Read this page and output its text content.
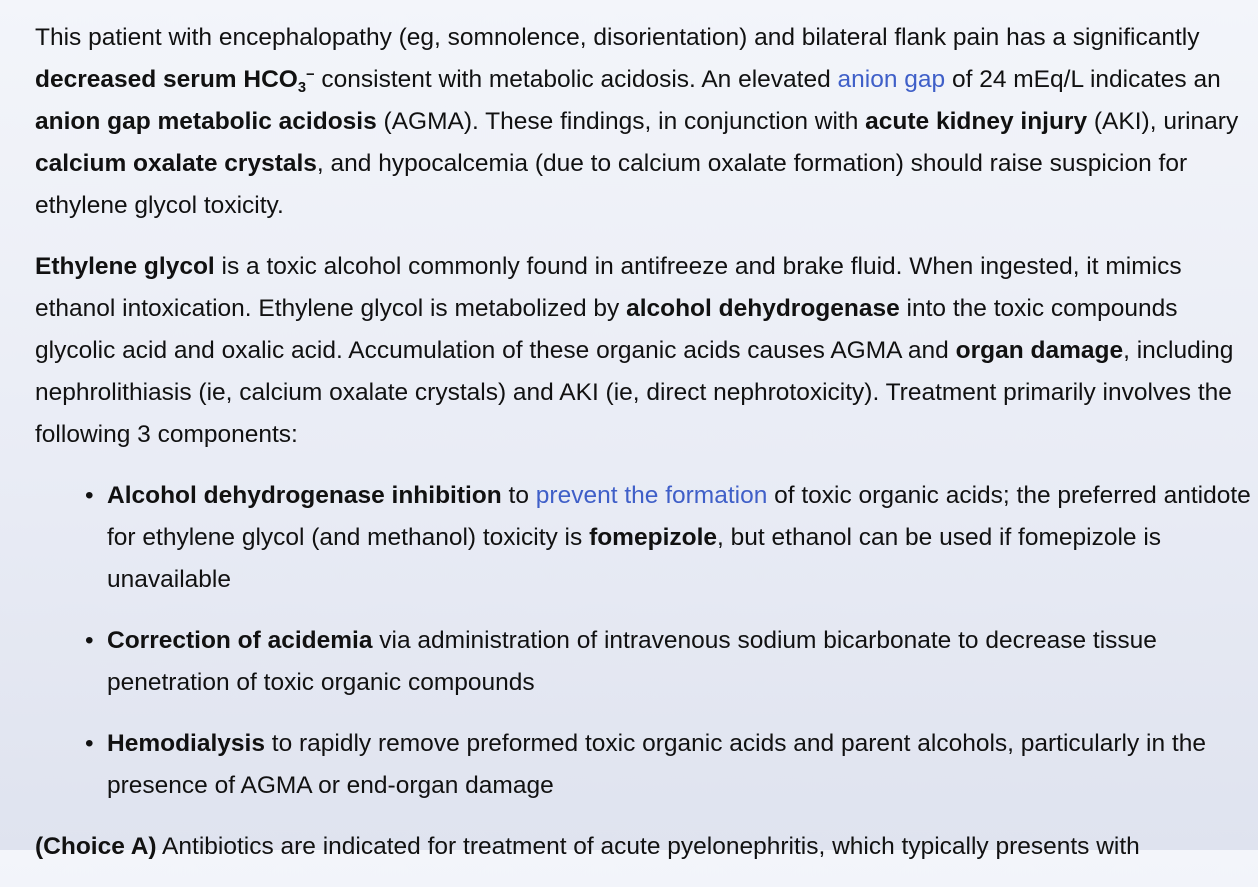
This patient with encephalopathy (eg, somnolence, disorientation) and bilateral flank pain has a significantly decreased serum $HCO_3^-$ consistent with metabolic acidosis. An elevated anion gap of 24 mEq/L indicates an anion gap metabolic acidosis (AGMA). These findings, in conjunction with acute kidney injury (AKI), urinary calcium oxalate crystals, and hypocalcemia (due to calcium oxalate formation) should raise suspicion for ethylene glycol toxicity.

Ethylene glycol is a toxic alcohol commonly found in antifreeze and brake fluid. When ingested, it mimics ethanol intoxication. Ethylene glycol is metabolized by alcohol dehydrogenase into the toxic compounds glycolic acid and oxalic acid. Accumulation of these organic acids causes AGMA and organ damage, including nephrolithiasis (ie, calcium oxalate crystals) and AKI (ie, direct nephrotoxicity). Treatment primarily involves the following 3 components:

• Alcohol dehydrogenase inhibition to prevent the formation of toxic organic acids; the preferred antidote for ethylene glycol (and methanol) toxicity is fomepizole, but ethanol can be used if fomepizole is unavailable
• Correction of acidemia via administration of intravenous sodium bicarbonate to decrease tissue penetration of toxic organic compounds
• Hemodialysis to rapidly remove preformed toxic organic acids and parent alcohols, particularly in the presence of AGMA or end-organ damage

(Choice A) Antibiotics are indicated for treatment of acute pyelonephritis, which typically presents with
